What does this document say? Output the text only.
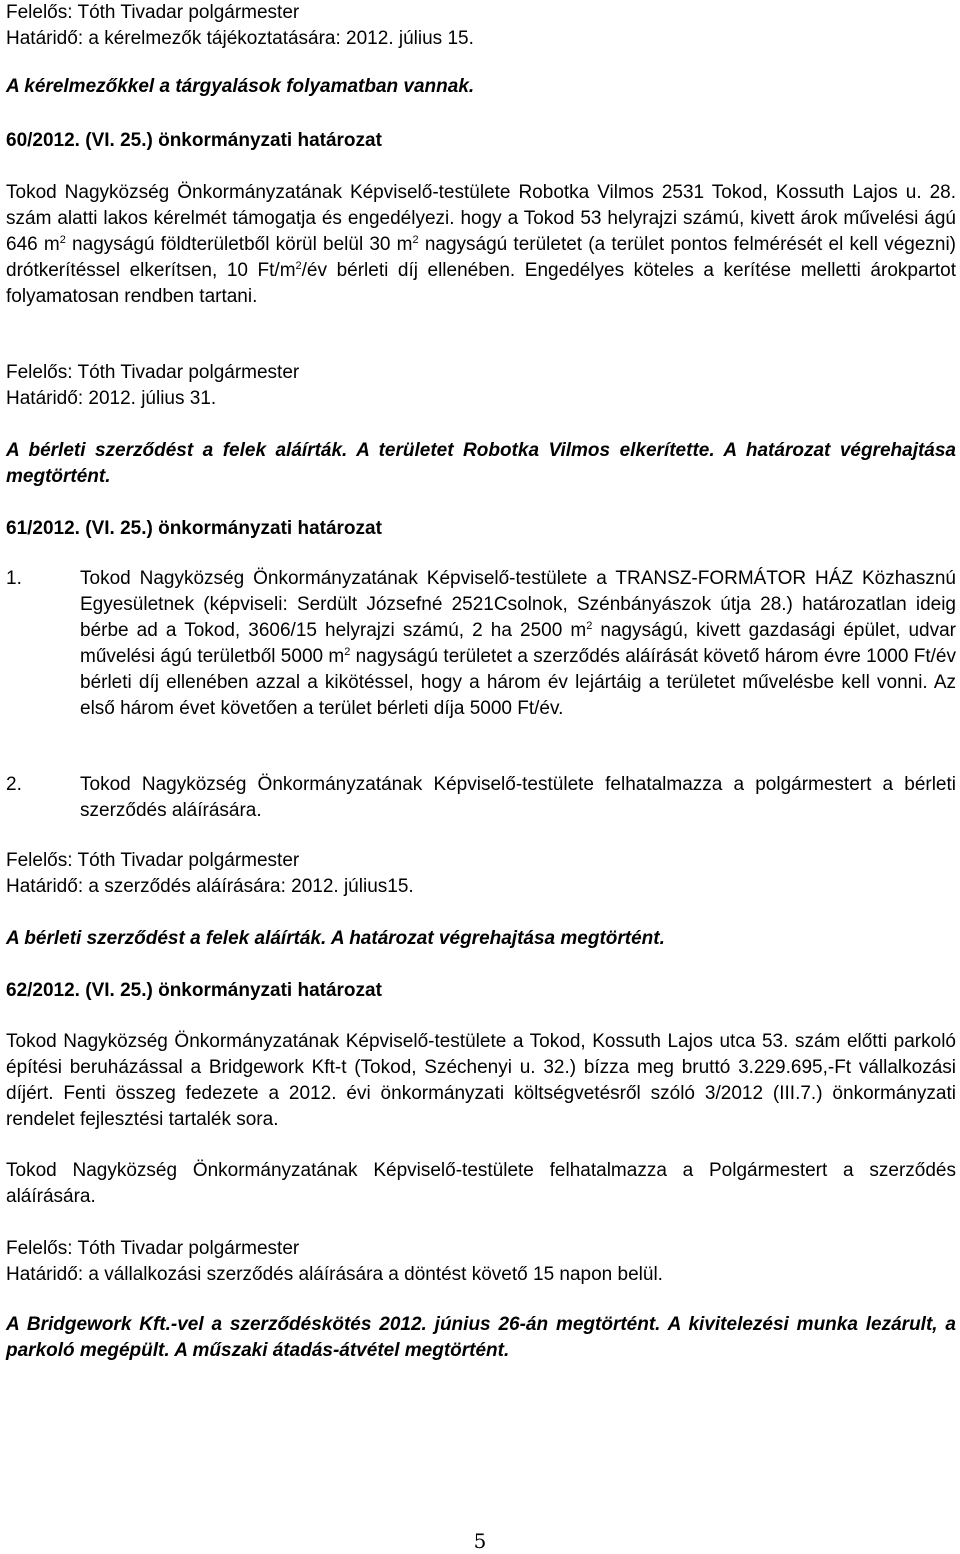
Felelős: Tóth Tivadar polgármester

Határidő: a kérelmezők tájékoztatására: 2012. július 15.

A kérelmezőkkel a tárgyalások folyamatban vannak.

60/2012. (VI. 25.) önkormányzati határozat

Tokod Nagyközség Önkormányzatának Képviselő-testülete Robotka Vilmos 2531 Tokod, Kossuth Lajos u. 28. szám alatti lakos kérelmét támogatja és engedélyezi. hogy a Tokod 53 helyrajzi számú, kivett árok művelési ágú 646 $m^2$ nagyságú földterületből körül belül 30 $m^2$ nagyságú területet (a terület pontos felmérését el kell végezni) drótkerítéssel elkerítsen, 10 $Ft/m^2/év$ bérleti díj ellenében. Engedélyes köteles a kerítése melletti árokpartot folyamatosan rendben tartani.

Felelős: Tóth Tivadar polgármester

Határidő: 2012. július 31.

A bérleti szerződést a felek aláírták. A területet Robotka Vilmos elkerítette. A határozat végrehajtása megtörtént.

61/2012. (VI. 25.) önkormányzati határozat

1.	Tokod Nagyközség Önkormányzatának Képviselő-testülete a TRANSZ-FORMÁTOR HÁZ Közhasznú Egyesületnek (képviseli: Serdült Józsefné 2521Csolnok, Szénbányászok útja 28.) határozatlan ideig bérbe ad a Tokod, 3606/15 helyrajzi számú, 2 ha 2500 $m^2$ nagyságú, kivett gazdasági épület, udvar művelési ágú területből 5000 $m^2$ nagyságú területet a szerződés aláírását követő három évre 1000 Ft/év bérleti díj ellenében azzal a kikötéssel, hogy a három év lejártáig a területet művelésbe kell vonni. Az első három évet követően a terület bérleti díja 5000 Ft/év.

2.	Tokod Nagyközség Önkormányzatának Képviselő-testülete felhatalmazza a polgármestert a bérleti szerződés aláírására.

Felelős: Tóth Tivadar polgármester

Határidő: a szerződés aláírására: 2012. július15.

A bérleti szerződést a felek aláírták. A határozat végrehajtása megtörtént.

62/2012. (VI. 25.) önkormányzati határozat

Tokod Nagyközség Önkormányzatának Képviselő-testülete a Tokod, Kossuth Lajos utca 53. szám előtti parkoló építési beruházással a Bridgework Kft-t (Tokod, Széchenyi u. 32.) bízza meg bruttó 3.229.695,-Ft vállalkozási díjért. Fenti összeg fedezete a 2012. évi önkormányzati költségvetésről szóló 3/2012 (III.7.) önkormányzati rendelet fejlesztési tartalék sora.

Tokod Nagyközség Önkormányzatának Képviselő-testülete felhatalmazza a Polgármestert a szerződés aláírására.

Felelős: Tóth Tivadar polgármester

Határidő: a vállalkozási szerződés aláírására a döntést követő 15 napon belül.

A Bridgework Kft.-vel a szerződéskötés 2012. június 26-án megtörtént. A kivitelezési munka lezárult, a parkoló megépült. A műszaki átadás-átvétel megtörtént.

5
